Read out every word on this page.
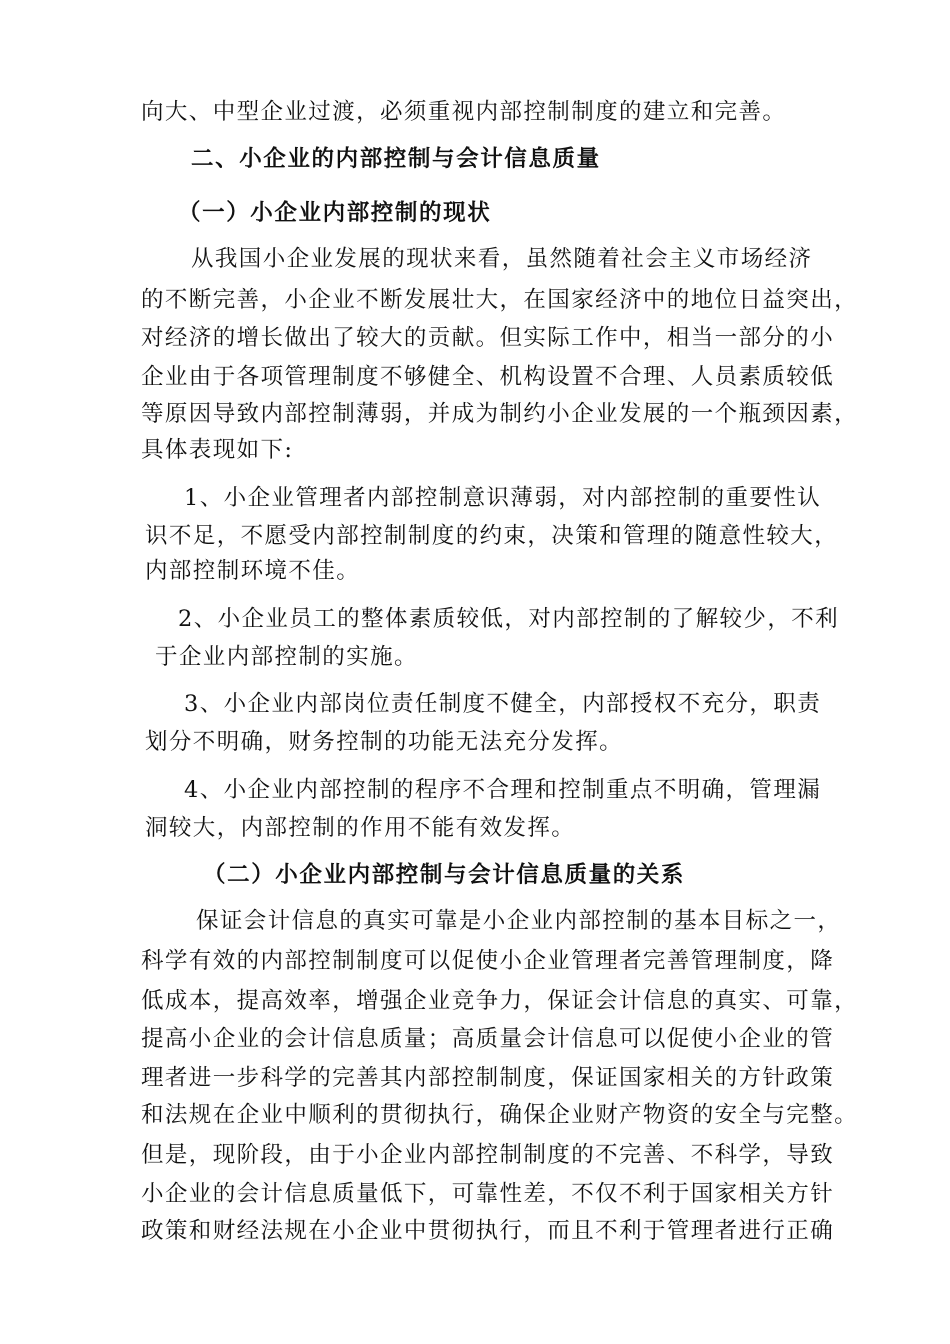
向大、中型企业过渡，必须重视内部控制制度的建立和完善。
二、小企业的内部控制与会计信息质量
（一）小企业内部控制的现状
从我国小企业发展的现状来看，虽然随着社会主义市场经济
的不断完善，小企业不断发展壮大，在国家经济中的地位日益突出，
对经济的增长做出了较大的贡献。但实际工作中，相当一部分的小
企业由于各项管理制度不够健全、机构设置不合理、人员素质较低
等原因导致内部控制薄弱，并成为制约小企业发展的一个瓶颈因素，
具体表现如下:
1、小企业管理者内部控制意识薄弱，对内部控制的重要性认
识不足，不愿受内部控制制度的约束，决策和管理的随意性较大，
内部控制环境不佳。
2、小企业员工的整体素质较低，对内部控制的了解较少，不利
于企业内部控制的实施。
3、小企业内部岗位责任制度不健全，内部授权不充分，职责
划分不明确，财务控制的功能无法充分发挥。
4、小企业内部控制的程序不合理和控制重点不明确，管理漏
洞较大，内部控制的作用不能有效发挥。
（二）小企业内部控制与会计信息质量的关系
保证会计信息的真实可靠是小企业内部控制的基本目标之一，
科学有效的内部控制制度可以促使小企业管理者完善管理制度，降
低成本，提高效率，增强企业竞争力，保证会计信息的真实、可靠，
提高小企业的会计信息质量；高质量会计信息可以促使小企业的管
理者进一步科学的完善其内部控制制度，保证国家相关的方针政策
和法规在企业中顺利的贯彻执行，确保企业财产物资的安全与完整。
但是，现阶段，由于小企业内部控制制度的不完善、不科学，导致
小企业的会计信息质量低下，可靠性差，不仅不利于国家相关方针
政策和财经法规在小企业中贯彻执行，而且不利于管理者进行正确
